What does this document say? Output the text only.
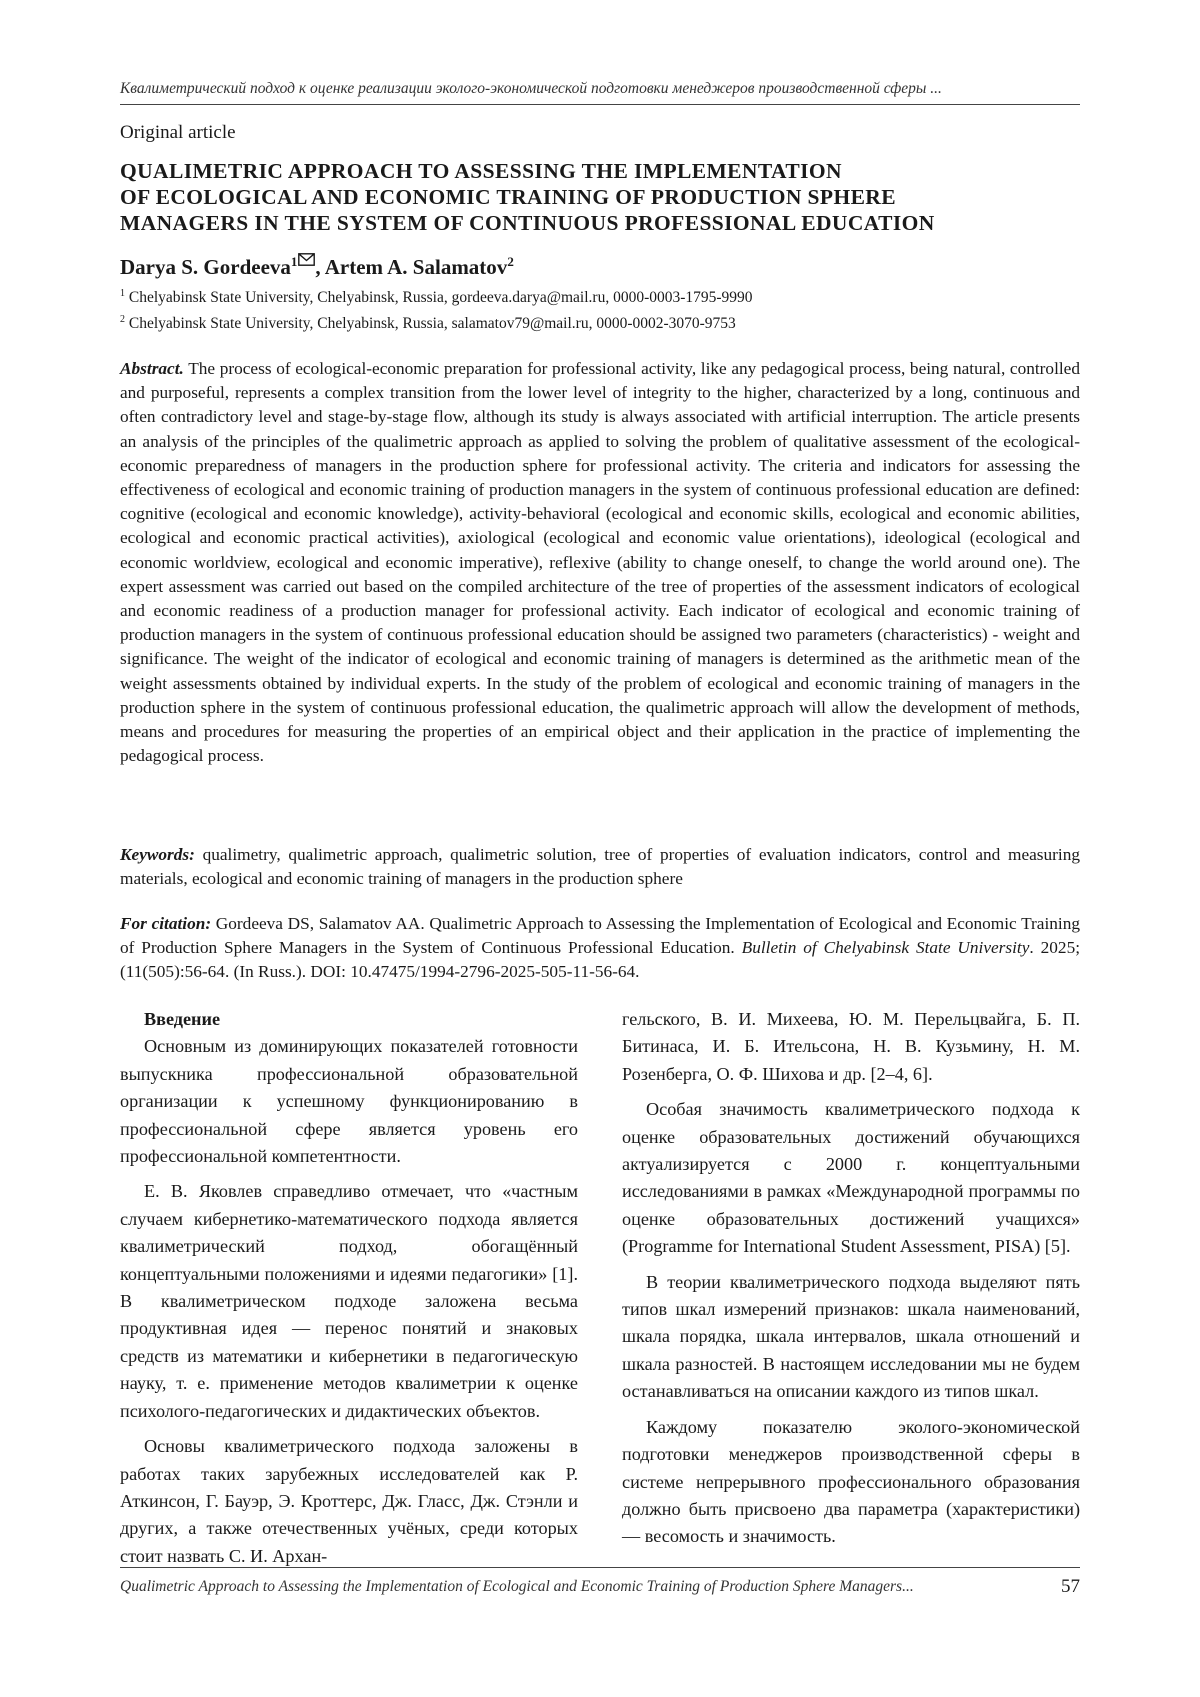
Квалиметрический подход к оценке реализации эколого-экономической подготовки менеджеров производственной сферы ...
Original article
QUALIMETRIC APPROACH TO ASSESSING THE IMPLEMENTATION
OF ECOLOGICAL AND ECONOMIC TRAINING OF PRODUCTION SPHERE
MANAGERS IN THE SYSTEM OF CONTINUOUS PROFESSIONAL EDUCATION
Darya S. Gordeeva$^1$ , Artem A. Salamatov$^2$
$^1$ Chelyabinsk State University, Chelyabinsk, Russia, gordeeva.darya@mail.ru, 0000-0003-1795-9990
$^2$ Chelyabinsk State University, Chelyabinsk, Russia, salamatov79@mail.ru, 0000-0002-3070-9753

Abstract. The process of ecological-economic preparation for professional activity, like any pedagogical process, being natural, controlled and purposeful, represents a complex transition from the lower level of integrity to the higher, characterized by a long, continuous and often contradictory level and stage-by-stage flow, although its study is always associated with artificial interruption. The article presents an analysis of the principles of the qualimetric approach as applied to solving the problem of qualitative assessment of the ecological-economic preparedness of managers in the production sphere for professional activity. The criteria and indicators for assessing the effectiveness of ecological and economic training of production managers in the system of continuous professional education are defined: cognitive (ecological and economic knowledge), activity-behavioral (ecological and economic skills, ecological and economic abilities, ecological and economic practical activities), axiological (ecological and economic value orientations), ideological (ecological and economic worldview, ecological and economic imperative), reflexive (ability to change oneself, to change the world around one). The expert assessment was carried out based on the compiled architecture of the tree of properties of the assessment indicators of ecological and economic readiness of a production manager for professional activity. Each indicator of ecological and economic training of production managers in the system of continuous professional education should be assigned two parameters (characteristics) - weight and significance. The weight of the indicator of ecological and economic training of managers is determined as the arithmetic mean of the weight assessments obtained by individual experts. In the study of the problem of ecological and economic training of managers in the production sphere in the system of continuous professional education, the qualimetric approach will allow the development of methods, means and procedures for measuring the properties of an empirical object and their application in the practice of implementing the pedagogical process.

Keywords: qualimetry, qualimetric approach, qualimetric solution, tree of properties of evaluation indicators, control and measuring materials, ecological and economic training of managers in the production sphere

For citation: Gordeeva DS, Salamatov AA. Qualimetric Approach to Assessing the Implementation of Ecological and Economic Training of Production Sphere Managers in the System of Continuous Professional Education. Bulletin of Chelyabinsk State University. 2025;(11(505):56-64. (In Russ.). DOI: 10.47475/1994-2796-2025-505-11-56-64.

Введение

Основным из доминирующих показателей готовности выпускника профессиональной образовательной организации к успешному функционированию в профессиональной сфере является уровень его профессиональной компетентности.

Е. В. Яковлев справедливо отмечает, что «частным случаем кибернетико-математического подхода является квалиметрический подход, обогащённый концептуальными положениями и идеями педагогики» [1]. В квалиметрическом подходе заложена весьма продуктивная идея — перенос понятий и знаковых средств из математики и кибернетики в педагогическую науку, т. е. применение методов квалиметрии к оценке психолого-педагогических и дидактических объектов.

Основы квалиметрического подхода заложены в работах таких зарубежных исследователей как Р. Аткинсон, Г. Бауэр, Э. Кроттерс, Дж. Гласс, Дж. Стэнли и других, а также отечественных учёных, среди которых стоит назвать С. И. Архан-

гельского, В. И. Михеева, Ю. М. Перельцвайга, Б. П. Битинаса, И. Б. Ительсона, Н. В. Кузьмину, Н. М. Розенберга, О. Ф. Шихова и др. [2–4, 6].

Особая значимость квалиметрического подхода к оценке образовательных достижений обучающихся актуализируется с 2000 г. концептуальными исследованиями в рамках «Международной программы по оценке образовательных достижений учащихся» (Programme for International Student Assessment, PISA) [5].

В теории квалиметрического подхода выделяют пять типов шкал измерений признаков: шкала наименований, шкала порядка, шкала интервалов, шкала отношений и шкала разностей. В настоящем исследовании мы не будем останавливаться на описании каждого из типов шкал.

Каждому показателю эколого-экономической подготовки менеджеров производственной сферы в системе непрерывного профессионального образования должно быть присвоено два параметра (характеристики) — весомость и значимость.

Qualimetric Approach to Assessing the Implementation of Ecological and Economic Training of Production Sphere Managers...	57
